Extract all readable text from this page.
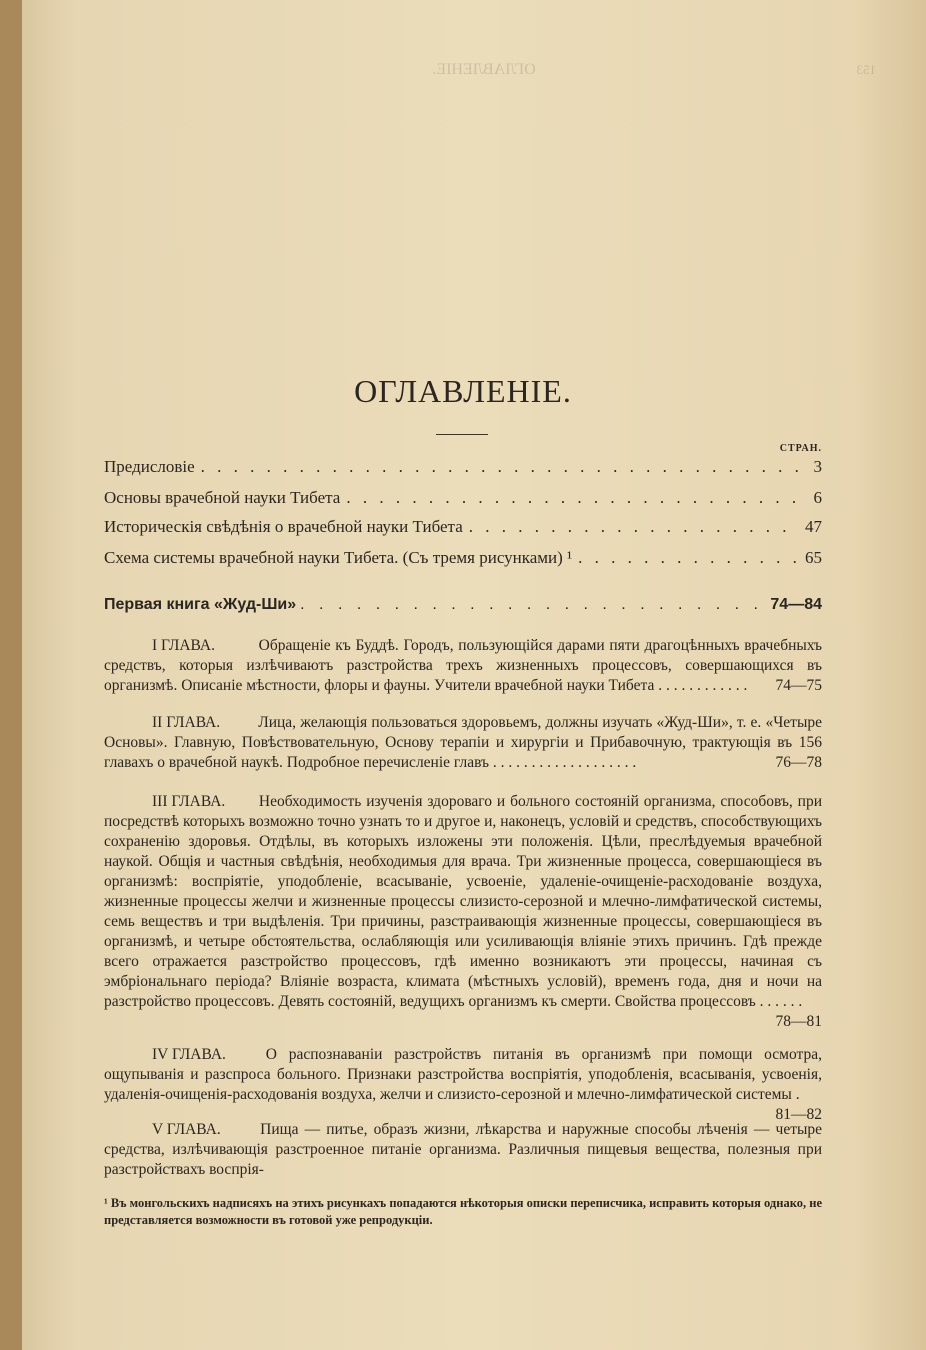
ОГЛАВЛЕНІЕ.	153

ОГЛАВЛЕНІЕ.
СТРАН.
Предисловіе . . .	3
Основы врачебной науки Тибета . . .	6
Историческія свѣдѣнія о врачебной науки Тибета . . .	47
Схема системы врачебной науки Тибета. (Съ тремя рисунками) ¹ . . .	65
Первая книга «Жуд-Ши» . . .	74—84
I ГЛАВА.	Обращеніе къ Буддѣ. Городъ, пользующійся дарами пяти драгоцѣнныхъ врачебныхъ средствъ, которыя излѣчиваютъ разстройства трехъ жизненныхъ процессовъ, совершающихся въ организмѣ. Описаніе мѣстности, флоры и фауны. Учители врачебной науки Тибета . . . . . . . . . . . . 74—75
II ГЛАВА. Лица, желающія пользоваться здоровьемъ, должны изучать «Жуд-Ши», т. е. «Четыре Основы». Главную, Повѣствовательную, Основу терапіи и хирургіи и Прибавочную, трактующія въ 156 главахъ о врачебной наукѣ. Подробное перечисленіе главъ . . . . . . . . . . . . . . . . . . .	76—78
III ГЛАВА. Необходимость изученія здороваго и больного состояній организма, способовъ, при посредствѣ которыхъ возможно точно узнать то и другое и, наконецъ, условій и средствъ, способствующихъ сохраненію здоровья. Отдѣлы, въ которыхъ изложены эти положенія. Цѣли, преслѣдуемыя врачебной наукой. Общія и частныя свѣдѣнія, необходимыя для врача. Три жизненные процесса, совершающіеся въ организмѣ: воспріятіе, уподобленіе, всасываніе, усвоеніе, удаленіе-очищеніе-расходованіе воздуха, жизненные процессы желчи и жизненные процессы слизисто-серозной и млечно-лимфатической системы, семь веществъ и три выдѣленія. Три причины, разстраивающія жизненные процессы, совершающіеся въ организмѣ, и четыре обстоятельства, ослабляющія или усиливающія вліяніе этихъ причинъ. Гдѣ прежде всего отражается разстройство процессовъ, гдѣ именно возникаютъ эти процессы, начиная съ эмбріональнаго періода? Вліяніе возраста, климата (мѣстныхъ условій), временъ года, дня и ночи на разстройство процессовъ. Девять состояній, ведущихъ организмъ къ смерти. Свойства процессовъ . . . . . .
78—81
IV ГЛАВА.	О распознаваніи разстройствъ питанія въ организмѣ при помощи осмотра, ощупыванія и разспроса больного. Признаки разстройства воспріятія, уподобленія, всасыванія, усвоенія, удаленія-очищенія-расходованія воздуха, желчи и слизисто-серозной и млечно-лимфатической системы .
81—82
V ГЛАВА.	Пища — питье, образъ жизни, лѣкарства и наружные способы лѣченія — четыре средства, излѣчивающія разстроенное питаніе организма. Различныя пищевыя вещества, полезныя при разстройствахъ воспрія-
¹ Въ монгольскихъ надписяхъ на этихъ рисункахъ попадаются нѣкоторыя описки переписчика, исправить которыя однако, не представляется возможности въ готовой уже репродукціи.
